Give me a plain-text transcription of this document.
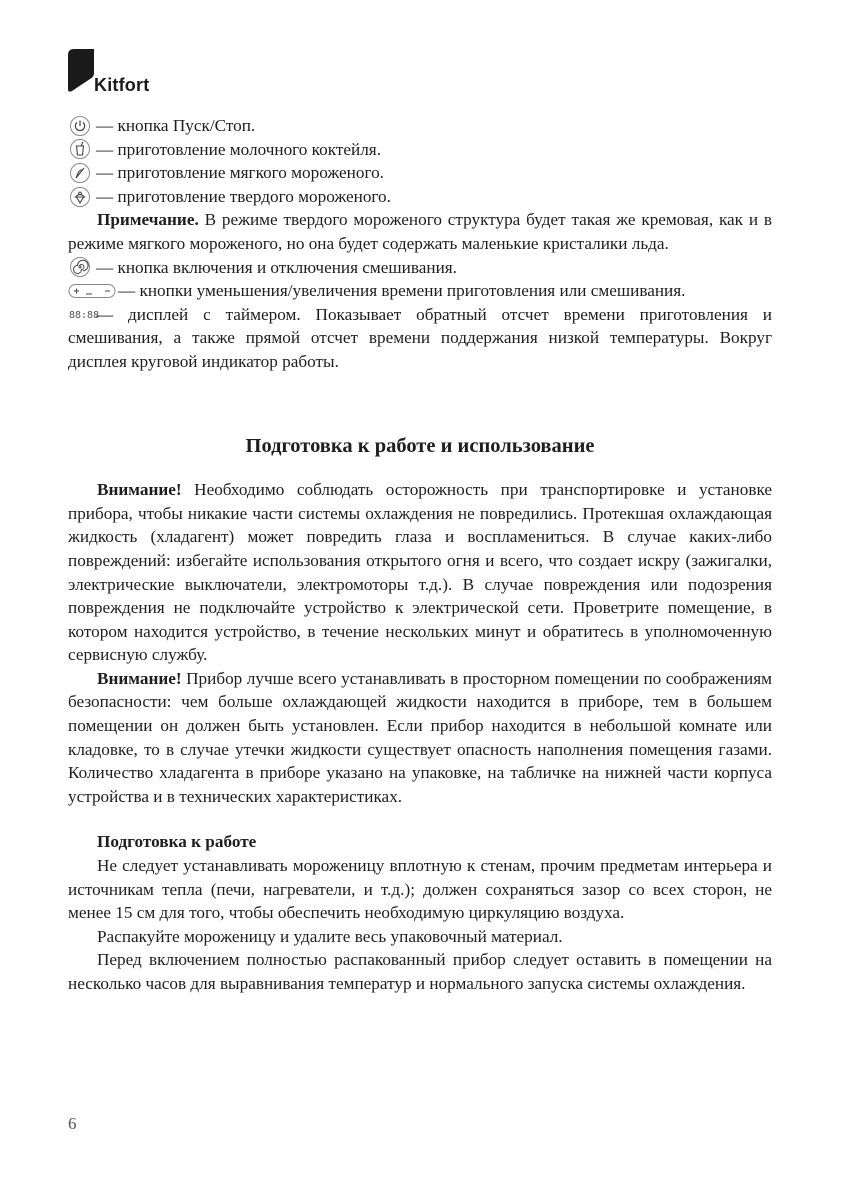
Kitfort
— кнопка Пуск/Стоп.
— приготовление молочного коктейля.
— приготовление мягкого мороженого.
— приготовление твердого мороженого.

Примечание. В режиме твердого мороженого структура будет такая же кремовая, как и в режиме мягкого мороженого, но она будет содержать маленькие кристалики льда.

— кнопка включения и отключения смешивания.
— кнопки уменьшения/увеличения времени приготовления или смешивания.

88:88
— дисплей с таймером. Показывает обратный отсчет времени приготовления и смешивания, а также прямой отсчет времени поддержания низкой температуры. Вокруг дисплея круговой индикатор работы.

Подготовка к работе и использование

Внимание! Необходимо соблюдать осторожность при транспортировке и установке прибора, чтобы никакие части системы охлаждения не повредились. Протекшая охлаждающая жидкость (хладагент) может повредить глаза и воспламениться. В случае каких-либо повреждений: избегайте использования открытого огня и всего, что создает искру (зажигалки, электрические выключатели, электромоторы т.д.). В случае повреждения или подозрения повреждения не подключайте устройство к электрической сети. Проветрите помещение, в котором находится устройство, в течение нескольких минут и обратитесь в уполномоченную сервисную службу.

Внимание! Прибор лучше всего устанавливать в просторном помещении по соображениям безопасности: чем больше охлаждающей жидкости находится в приборе, тем в большем помещении он должен быть установлен. Если прибор находится в небольшой комнате или кладовке, то в случае утечки жидкости существует опасность наполнения помещения газами. Количество хладагента в приборе указано на упаковке, на табличке на нижней части корпуса устройства и в технических характеристиках.

Подготовка к работе

Не следует устанавливать мороженицу вплотную к стенам, прочим предметам интерьера и источникам тепла (печи, нагреватели, и т.д.); должен сохраняться зазор со всех сторон, не менее 15 см для того, чтобы обеспечить необходимую циркуляцию воздуха.

Распакуйте мороженицу и удалите весь упаковочный материал.

Перед включением полностью распакованный прибор следует оставить в помещении на несколько часов для выравнивания температур и нормального запуска системы охлаждения.

6
